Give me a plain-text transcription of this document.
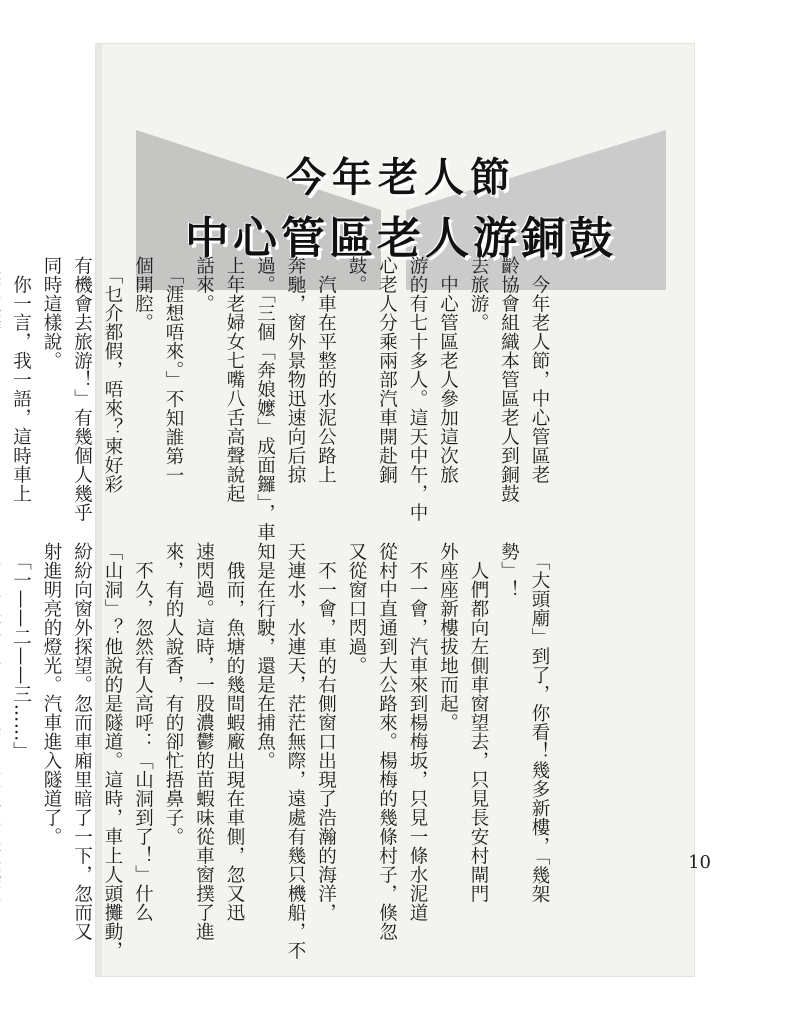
今年老人節
中心管區老人游銅鼓
　今年老人節，中心管區老
齡協會組織本管區老人到銅鼓
去旅游。
　中心管區老人參加這次旅
游的有七十多人。這天中午，中
心老人分乘兩部汽車開赴銅
鼓。
　汽車在平整的水泥公路上
奔馳，窗外景物迅速向后掠
過。「三個「奔娘嬤」成面鑼」，車
上年老婦女七嘴八舌高聲說起
話來。
　「涯想唔來。」不知誰第一
個開腔。
　「乜介都假，唔來？柬好彩
有機會去旅游！」有幾個人幾乎
同時這樣說。
　你一言，我一語，這時車上
　「大頭廟」到了，你看！幾多新樓，「幾架
勢」！
　人們都向左側車窗望去，只見長安村閘門
外座座新樓拔地而起。
　不一會，汽車來到楊梅坂，只見一條水泥道
從村中直通到大公路來。楊梅的幾條村子，倏忽
又從窗口閃過。
　不一會，車的右側窗口出現了浩瀚的海洋，
天連水，水連天，茫茫無際，遠處有幾只機船，不
知是在行駛，還是在捕魚。
　俄而，魚塘的幾間蝦廠出現在車側，忽又迅
速閃過。這時，一股濃鬱的苗蝦味從車窗撲了進
來，有的人說香，有的卻忙捂鼻子。
　不久，忽然有人高呼：「山洞到了！」什么
「山洞」？他說的是隧道。這時，車上人頭攤動，
紛紛向窗外探望。忽而車廂里暗了一下，忽而又
射進明亮的燈光。汽車進入隧道了。
　「一——二——三……」
10
